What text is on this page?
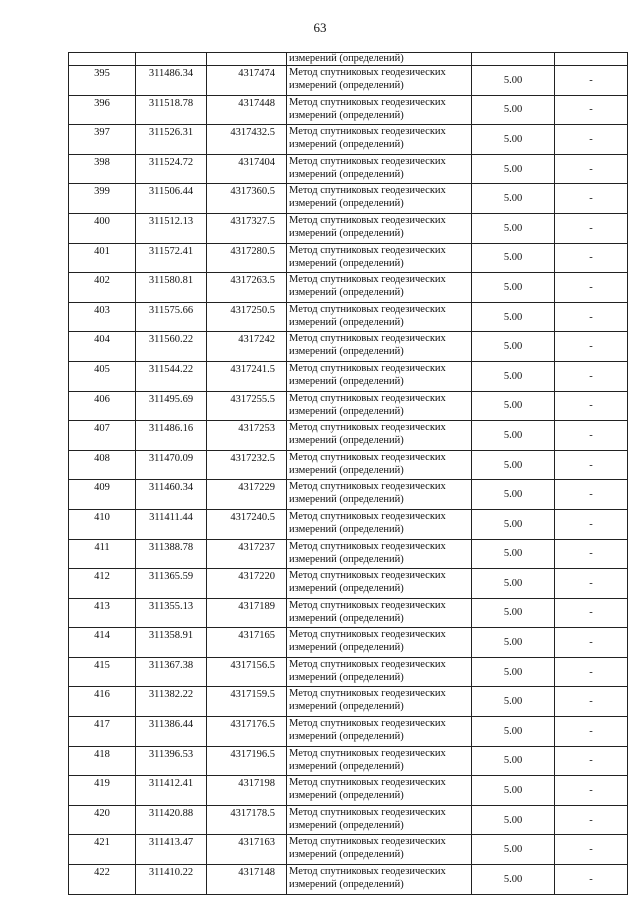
63
			измерений (определений)		
395	311486.34	4317474	Метод спутниковых геодезических измерений (определений)	5.00	-
396	311518.78	4317448	Метод спутниковых геодезических измерений (определений)	5.00	-
397	311526.31	4317432.5	Метод спутниковых геодезических измерений (определений)	5.00	-
398	311524.72	4317404	Метод спутниковых геодезических измерений (определений)	5.00	-
399	311506.44	4317360.5	Метод спутниковых геодезических измерений (определений)	5.00	-
400	311512.13	4317327.5	Метод спутниковых геодезических измерений (определений)	5.00	-
401	311572.41	4317280.5	Метод спутниковых геодезических измерений (определений)	5.00	-
402	311580.81	4317263.5	Метод спутниковых геодезических измерений (определений)	5.00	-
403	311575.66	4317250.5	Метод спутниковых геодезических измерений (определений)	5.00	-
404	311560.22	4317242	Метод спутниковых геодезических измерений (определений)	5.00	-
405	311544.22	4317241.5	Метод спутниковых геодезических измерений (определений)	5.00	-
406	311495.69	4317255.5	Метод спутниковых геодезических измерений (определений)	5.00	-
407	311486.16	4317253	Метод спутниковых геодезических измерений (определений)	5.00	-
408	311470.09	4317232.5	Метод спутниковых геодезических измерений (определений)	5.00	-
409	311460.34	4317229	Метод спутниковых геодезических измерений (определений)	5.00	-
410	311411.44	4317240.5	Метод спутниковых геодезических измерений (определений)	5.00	-
411	311388.78	4317237	Метод спутниковых геодезических измерений (определений)	5.00	-
412	311365.59	4317220	Метод спутниковых геодезических измерений (определений)	5.00	-
413	311355.13	4317189	Метод спутниковых геодезических измерений (определений)	5.00	-
414	311358.91	4317165	Метод спутниковых геодезических измерений (определений)	5.00	-
415	311367.38	4317156.5	Метод спутниковых геодезических измерений (определений)	5.00	-
416	311382.22	4317159.5	Метод спутниковых геодезических измерений (определений)	5.00	-
417	311386.44	4317176.5	Метод спутниковых геодезических измерений (определений)	5.00	-
418	311396.53	4317196.5	Метод спутниковых геодезических измерений (определений)	5.00	-
419	311412.41	4317198	Метод спутниковых геодезических измерений (определений)	5.00	-
420	311420.88	4317178.5	Метод спутниковых геодезических измерений (определений)	5.00	-
421	311413.47	4317163	Метод спутниковых геодезических измерений (определений)	5.00	-
422	311410.22	4317148	Метод спутниковых геодезических измерений (определений)	5.00	-
